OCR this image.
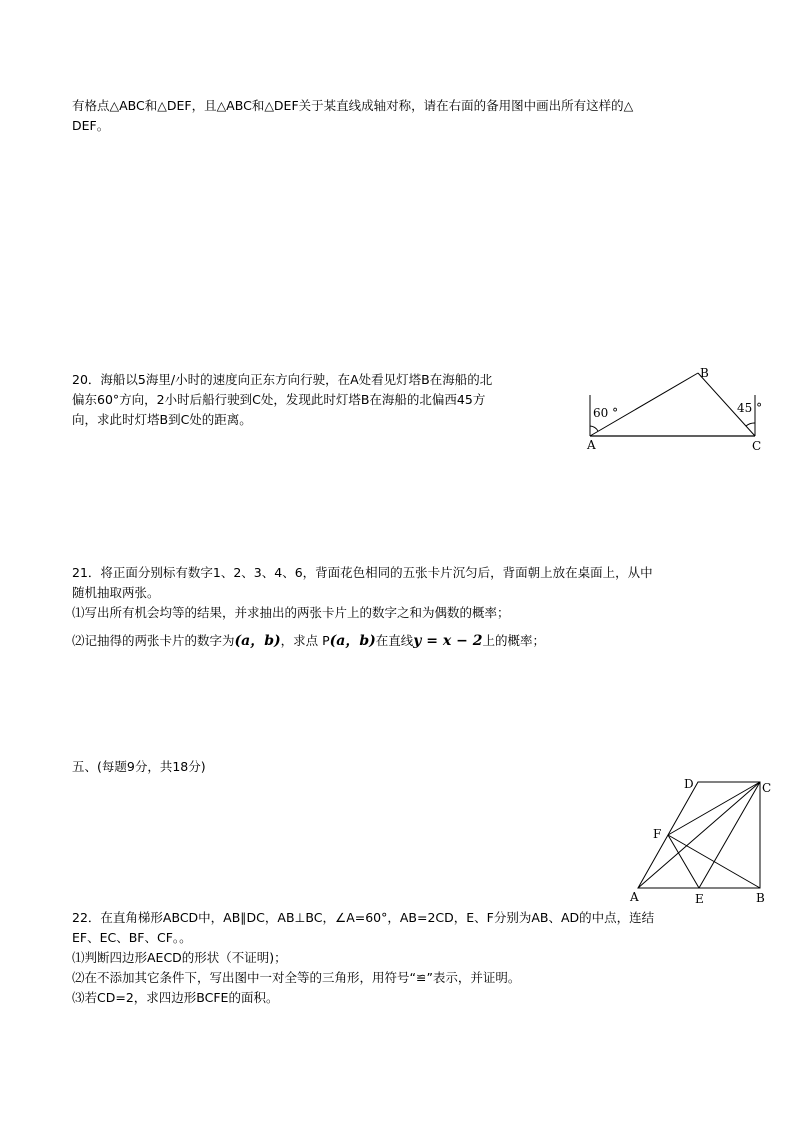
有格点△ABC和△DEF，且△ABC和△DEF关于某直线成轴对称，请在右面的备用图中画出所有这样的△
DEF。
20．海船以5海里/小时的速度向正东方向行驶，在A处看见灯塔B在海船的北
偏东60°方向，2小时后船行驶到C处，发现此时灯塔B在海船的北偏西45方
向，求此时灯塔B到C处的距离。	60 °	45 °
A
B
C
21．将正面分别标有数字1、2、3、4、6，背面花色相同的五张卡片沉匀后，背面朝上放在桌面上，从中
随机抽取两张。
⑴写出所有机会均等的结果，并求抽出的两张卡片上的数字之和为偶数的概率；
⑵记抽得的两张卡片的数字为(a，b)，求点 P(a，b)在直线y = x − 2上的概率；
五、(每题9分，共18分)
A	B
C
D
E
F
22．在直角梯形ABCD中，AB∥DC，AB⊥BC，∠A=60°，AB=2CD，E、F分别为AB、AD的中点，连结
EF、EC、BF、CF。。
⑴判断四边形AECD的形状（不证明)；
⑵在不添加其它条件下，写出图中一对全等的三角形，用符号“≌”表示，并证明。
⑶若CD=2，求四边形BCFE的面积。
